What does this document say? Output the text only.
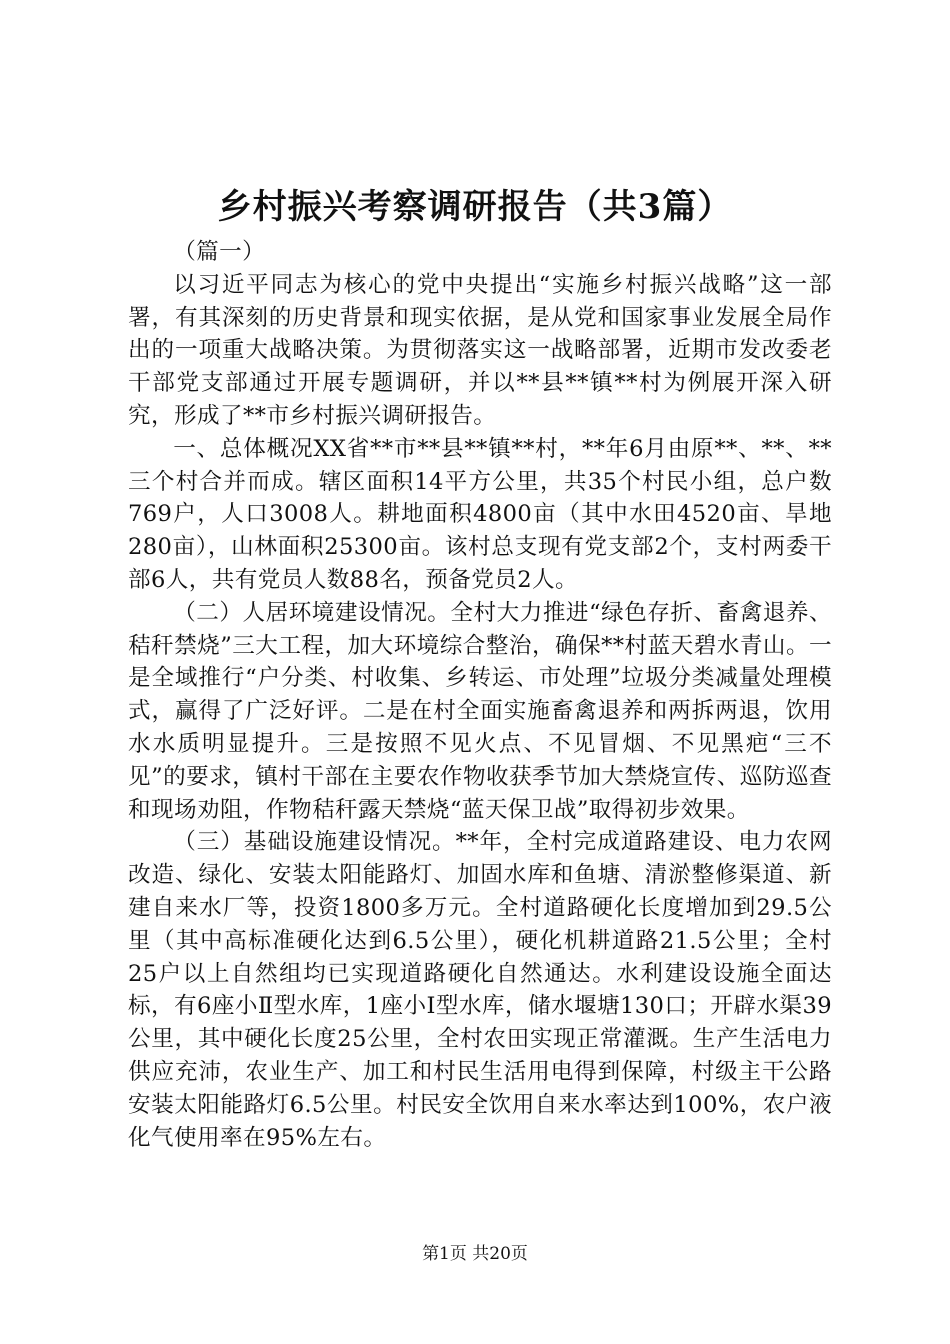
乡村振兴考察调研报告（共3篇）

（篇一）

以习近平同志为核心的党中央提出“实施乡村振兴战略”这一部署，有其深刻的历史背景和现实依据，是从党和国家事业发展全局作出的一项重大战略决策。为贯彻落实这一战略部署，近期市发改委老干部党支部通过开展专题调研，并以**县**镇**村为例展开深入研究，形成了**市乡村振兴调研报告。

一、总体概况XX省**市**县**镇**村，**年6月由原**、**、**三个村合并而成。辖区面积14平方公里，共35个村民小组，总户数769户，人口3008人。耕地面积4800亩（其中水田4520亩、旱地280亩），山林面积25300亩。该村总支现有党支部2个，支村两委干部6人，共有党员人数88名，预备党员2人。

（二）人居环境建设情况。全村大力推进“绿色存折、畜禽退养、秸秆禁烧”三大工程，加大环境综合整治，确保**村蓝天碧水青山。一是全域推行“户分类、村收集、乡转运、市处理”垃圾分类减量处理模式，赢得了广泛好评。二是在村全面实施畜禽退养和两拆两退，饮用水水质明显提升。三是按照不见火点、不见冒烟、不见黑疤“三不见”的要求，镇村干部在主要农作物收获季节加大禁烧宣传、巡防巡查和现场劝阻，作物秸秆露天禁烧“蓝天保卫战”取得初步效果。

（三）基础设施建设情况。**年，全村完成道路建设、电力农网改造、绿化、安装太阳能路灯、加固水库和鱼塘、清淤整修渠道、新建自来水厂等，投资1800多万元。全村道路硬化长度增加到29.5公里（其中高标准硬化达到6.5公里），硬化机耕道路21.5公里；全村25户以上自然组均已实现道路硬化自然通达。水利建设设施全面达标，有6座小Ⅱ型水库，1座小Ⅰ型水库，储水堰塘130口；开辟水渠39公里，其中硬化长度25公里，全村农田实现正常灌溉。生产生活电力供应充沛，农业生产、加工和村民生活用电得到保障，村级主干公路安装太阳能路灯6.5公里。村民安全饮用自来水率达到100%，农户液化气使用率在95%左右。

第1页 共20页
